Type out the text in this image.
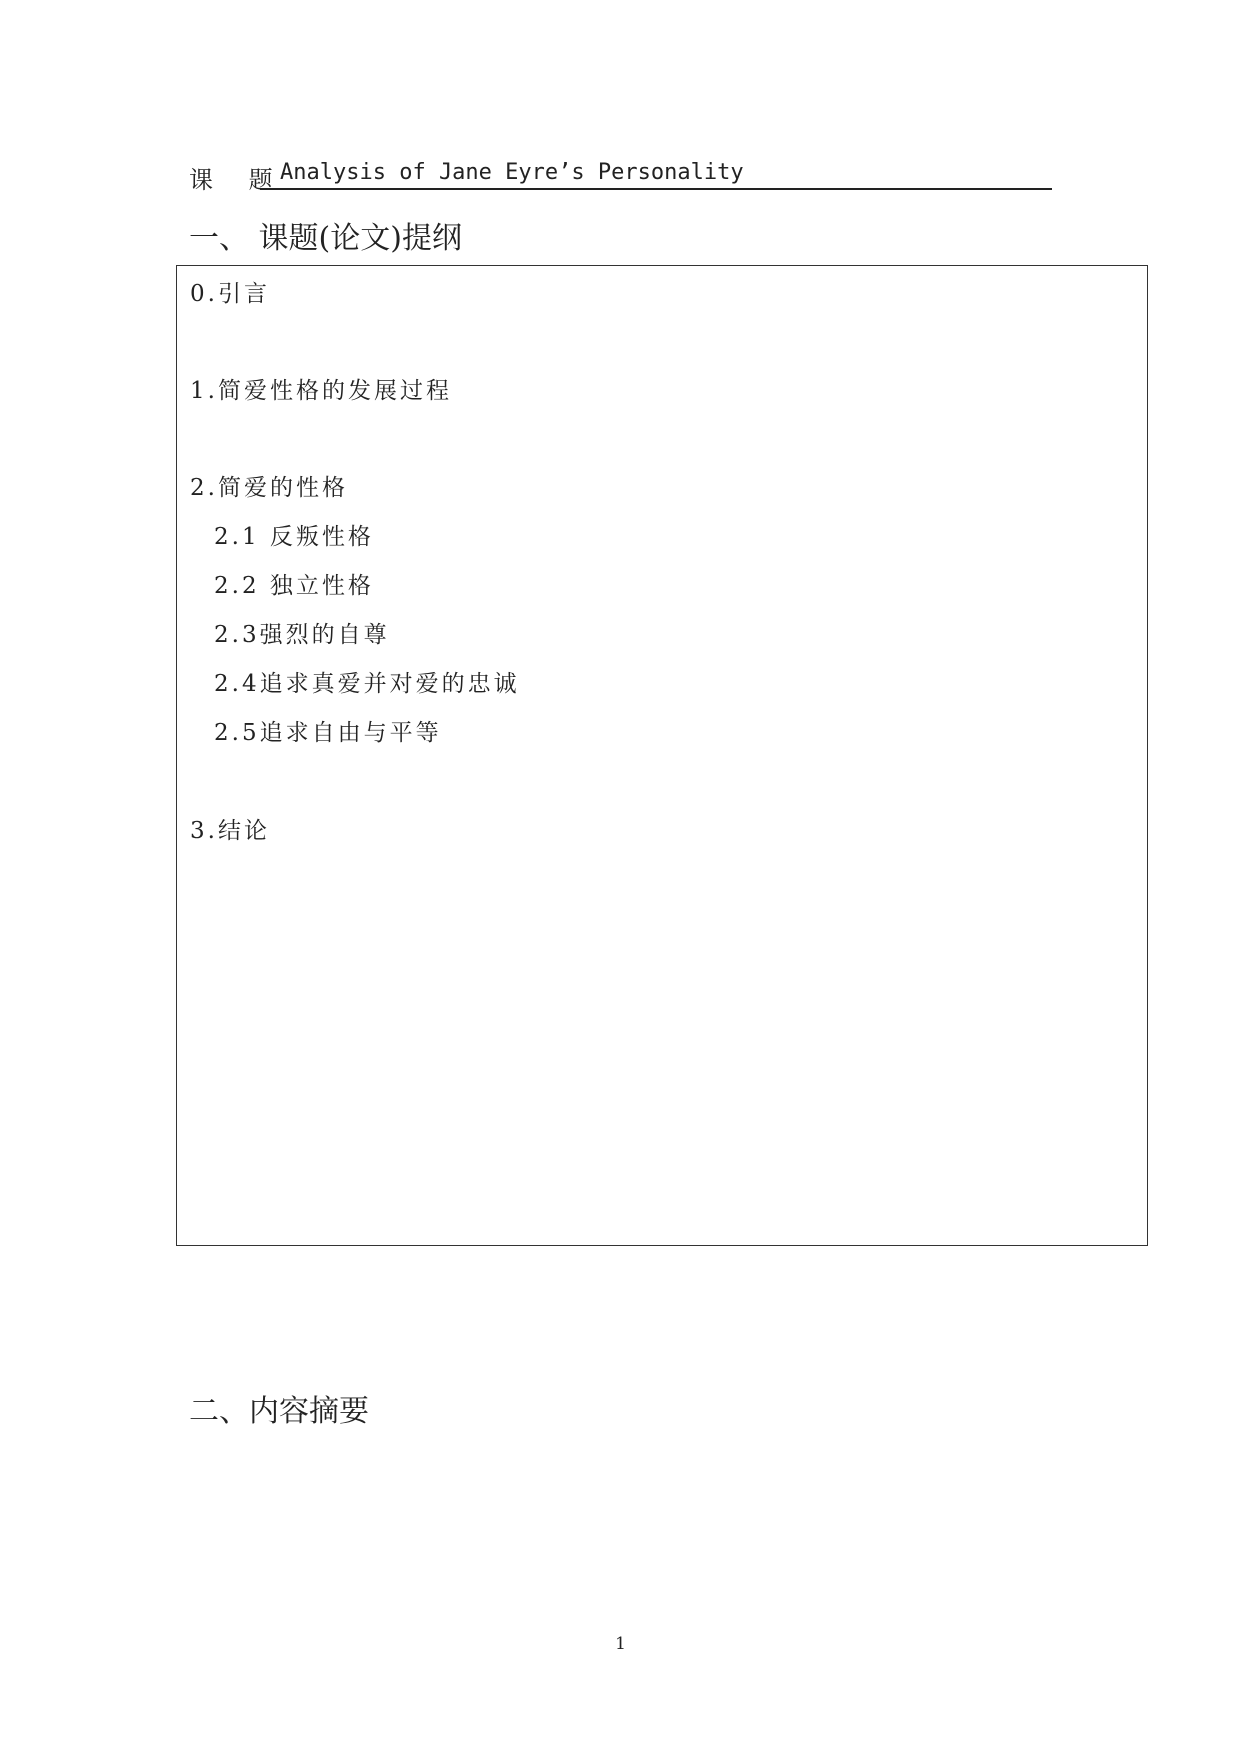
课 题
Analysis of Jane Eyre’s Personality
一、 课题(论文)提纲
0.引言
1.简爱性格的发展过程
2.简爱的性格
2.1 反叛性格
2.2 独立性格
2.3强烈的自尊
2.4追求真爱并对爱的忠诚
2.5追求自由与平等
3.结论
二、内容摘要
1
